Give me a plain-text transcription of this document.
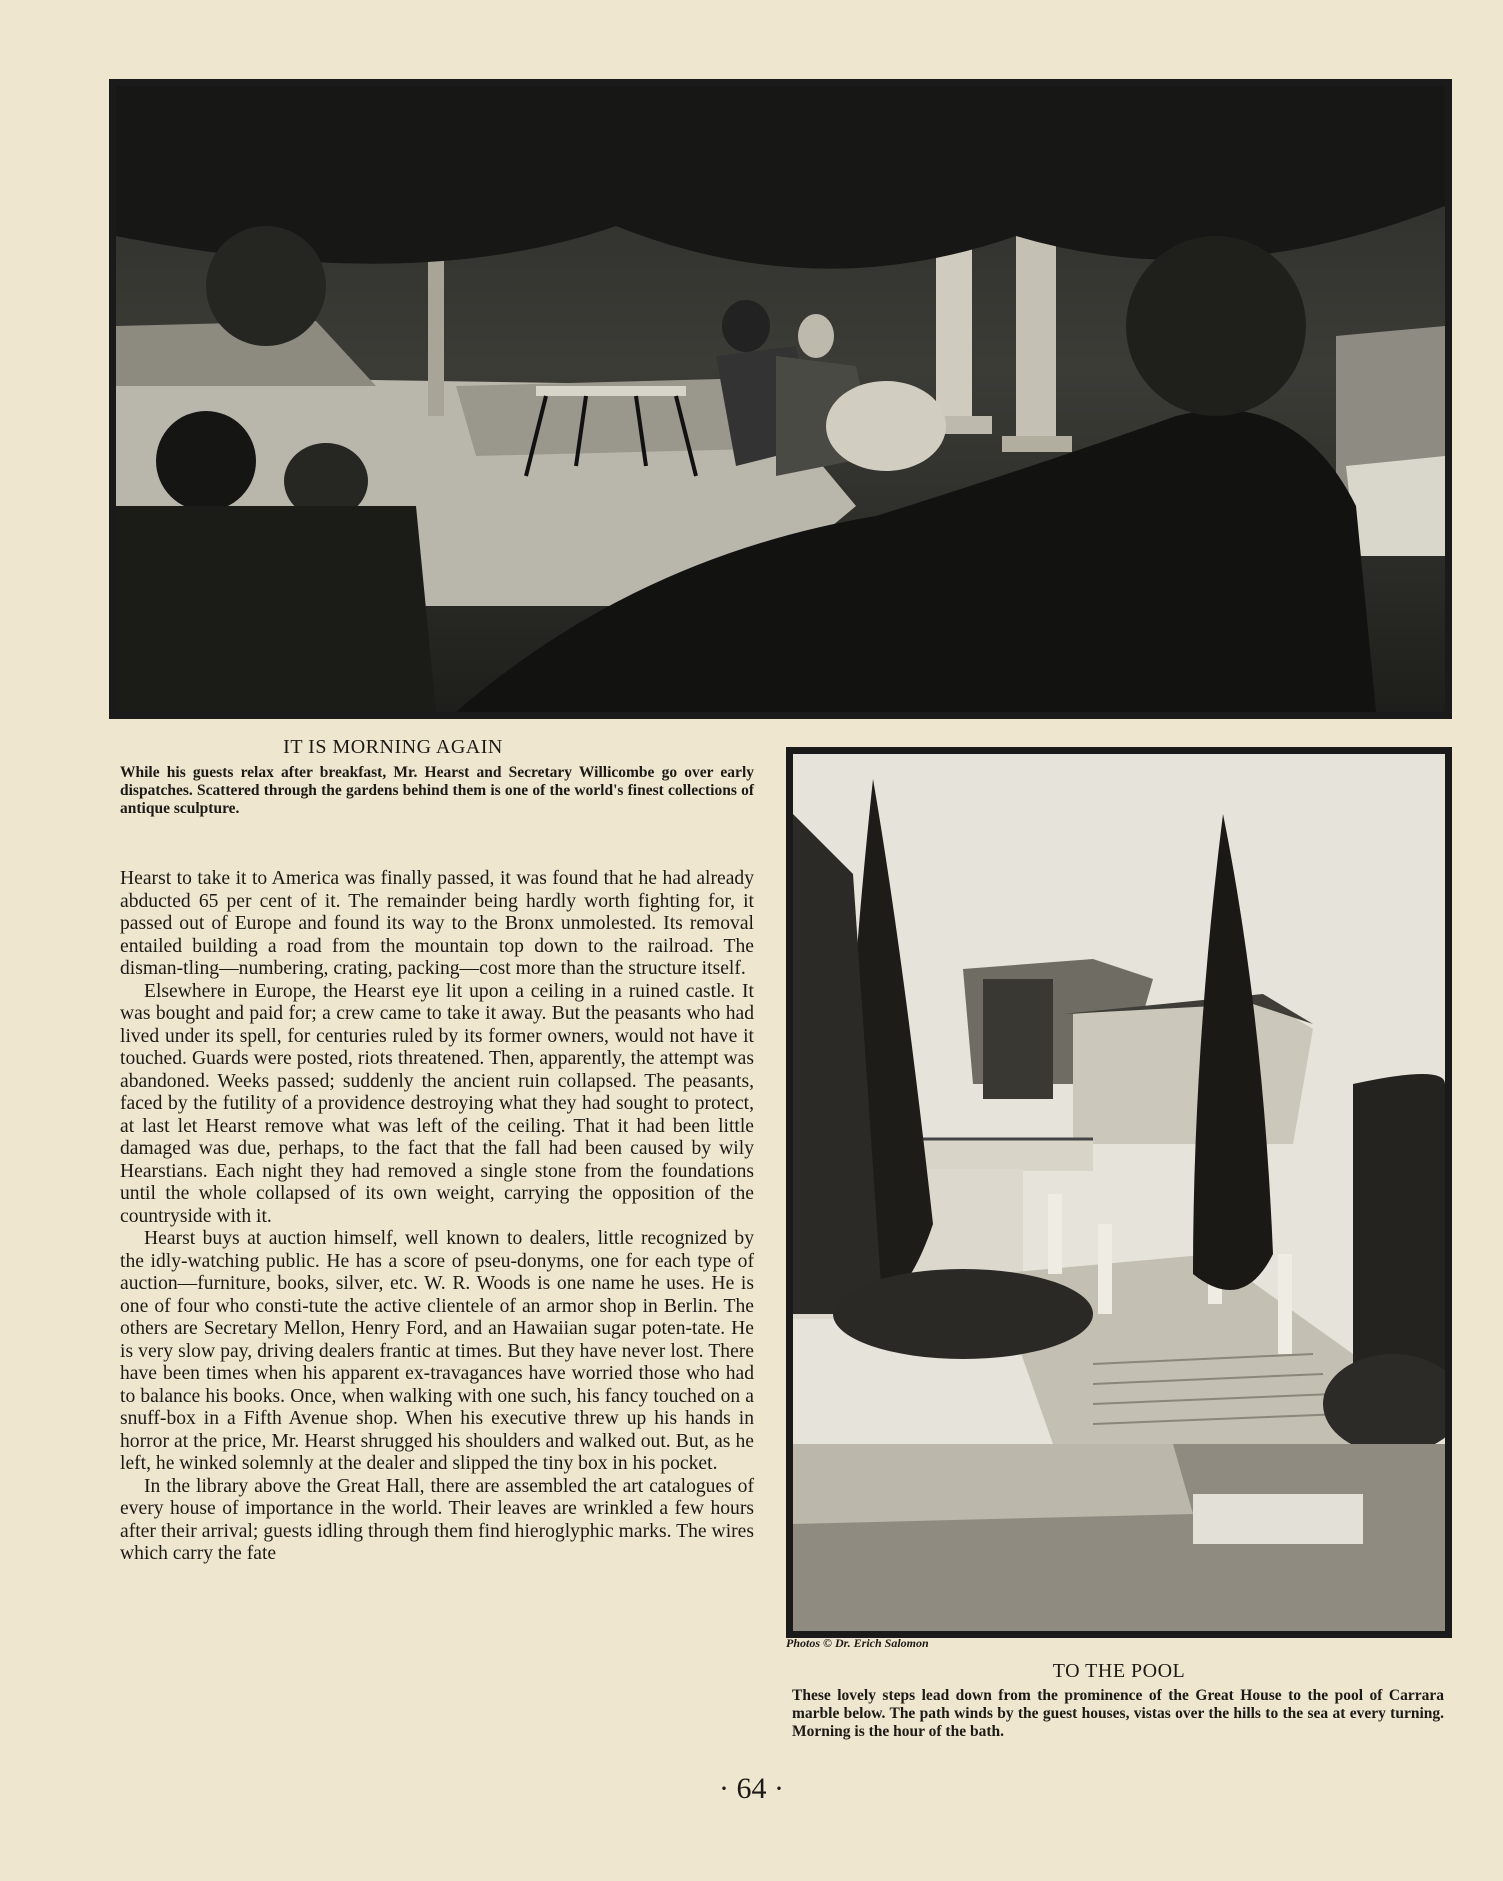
IT IS MORNING AGAIN

While his guests relax after breakfast, Mr. Hearst and Secretary Willicombe go over early dispatches. Scattered through the gardens behind them is one of the world's finest collections of antique sculpture.

Hearst to take it to America was finally passed, it was found that he had already abducted 65 per cent of it. The remainder being hardly worth fighting for, it passed out of Europe and found its way to the Bronx unmolested. Its removal entailed building a road from the mountain top down to the railroad. The disman-tling—numbering, crating, packing—cost more than the structure itself.

Elsewhere in Europe, the Hearst eye lit upon a ceiling in a ruined castle. It was bought and paid for; a crew came to take it away. But the peasants who had lived under its spell, for centuries ruled by its former owners, would not have it touched. Guards were posted, riots threatened. Then, apparently, the attempt was abandoned. Weeks passed; suddenly the ancient ruin collapsed. The peasants, faced by the futility of a providence destroying what they had sought to protect, at last let Hearst remove what was left of the ceiling. That it had been little damaged was due, perhaps, to the fact that the fall had been caused by wily Hearstians. Each night they had removed a single stone from the foundations until the whole collapsed of its own weight, carrying the opposition of the countryside with it.

Hearst buys at auction himself, well known to dealers, little recognized by the idly-watching public. He has a score of pseu-donyms, one for each type of auction—furniture, books, silver, etc. W. R. Woods is one name he uses. He is one of four who consti-tute the active clientele of an armor shop in Berlin. The others are Secretary Mellon, Henry Ford, and an Hawaiian sugar poten-tate. He is very slow pay, driving dealers frantic at times. But they have never lost. There have been times when his apparent ex-travagances have worried those who had to balance his books. Once, when walking with one such, his fancy touched on a snuff-box in a Fifth Avenue shop. When his executive threw up his hands in horror at the price, Mr. Hearst shrugged his shoulders and walked out. But, as he left, he winked solemnly at the dealer and slipped the tiny box in his pocket.

In the library above the Great Hall, there are assembled the art catalogues of every house of importance in the world. Their leaves are wrinkled a few hours after their arrival; guests idling through them find hieroglyphic marks. The wires which carry the fate

Photos © Dr. Erich Salomon

TO THE POOL

These lovely steps lead down from the prominence of the Great House to the pool of Carrara marble below. The path winds by the guest houses, vistas over the hills to the sea at every turning. Morning is the hour of the bath.

· 64 ·
